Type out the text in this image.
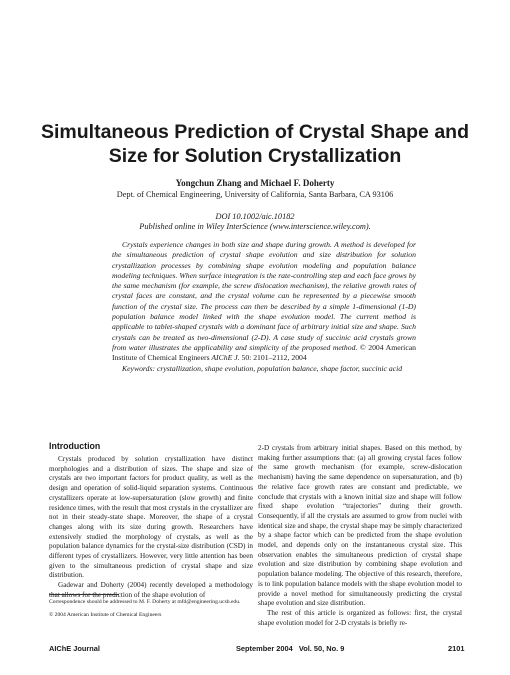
Simultaneous Prediction of Crystal Shape and
Size for Solution Crystallization
Yongchun Zhang and Michael F. Doherty
Dept. of Chemical Engineering, University of California, Santa Barbara, CA 93106
DOI 10.1002/aic.10182
Published online in Wiley InterScience (www.interscience.wiley.com).

Crystals experience changes in both size and shape during growth. A method is developed for the simultaneous prediction of crystal shape evolution and size distribution for solution crystallization processes by combining shape evolution modeling and population balance modeling techniques. When surface integration is the rate-controlling step and each face grows by the same mechanism (for example, the screw dislocation mechanism), the relative growth rates of crystal faces are constant, and the crystal volume can be represented by a piecewise smooth function of the crystal size. The process can then be described by a simple 1-dimensional (1-D) population balance model linked with the shape evolution model. The current method is applicable to tablet-shaped crystals with a dominant face of arbitrary initial size and shape. Such crystals can be treated as two-dimensional (2-D). A case study of succinic acid crystals grown from water illustrates the applicability and simplicity of the proposed method. © 2004 American Institute of Chemical Engineers AIChE J. 50: 2101–2112, 2004

Keywords: crystallization, shape evolution, population balance, shape factor, succinic acid

Introduction

Crystals produced by solution crystallization have distinct morphologies and a distribution of sizes. The shape and size of crystals are two important factors for product quality, as well as the design and operation of solid-liquid separation systems. Continuous crystallizers operate at low-supersaturation (slow growth) and finite residence times, with the result that most crystals in the crystallizer are not in their steady-state shape. Moreover, the shape of a crystal changes along with its size during growth. Researchers have extensively studied the morphology of crystals, as well as the population balance dynamics for the crystal-size distribution (CSD) in different types of crystallizers. However, very little attention has been given to the simultaneous prediction of crystal shape and size distribution.

Gadewar and Doherty (2004) recently developed a methodology that allows for the prediction of the shape evolution of

2-D crystals from arbitrary initial shapes. Based on this method, by making further assumptions that: (a) all growing crystal faces follow the same growth mechanism (for example, screw-dislocation mechanism) having the same dependence on supersaturation, and (b) the relative face growth rates are constant and predictable, we conclude that crystals with a known initial size and shape will follow fixed shape evolution “trajectories” during their growth. Consequently, if all the crystals are assumed to grow from nuclei with identical size and shape, the crystal shape may be simply characterized by a shape factor which can be predicted from the shape evolution model, and depends only on the instantaneous crystal size. This observation enables the simultaneous prediction of crystal shape evolution and size distribution by combining shape evolution and population balance modeling. The objective of this research, therefore, is to link population balance models with the shape evolution model to provide a novel method for simultaneously predicting the crystal shape evolution and size distribution.

The rest of this article is organized as follows: first, the crystal shape evolution model for 2-D crystals is briefly re-

Correspondence should be addressed to M. F. Doherty at mfd@engineering.ucsb.edu.
© 2004 American Institute of Chemical Engineers
AIChE Journal	September 2004   Vol. 50, No. 9	2101
